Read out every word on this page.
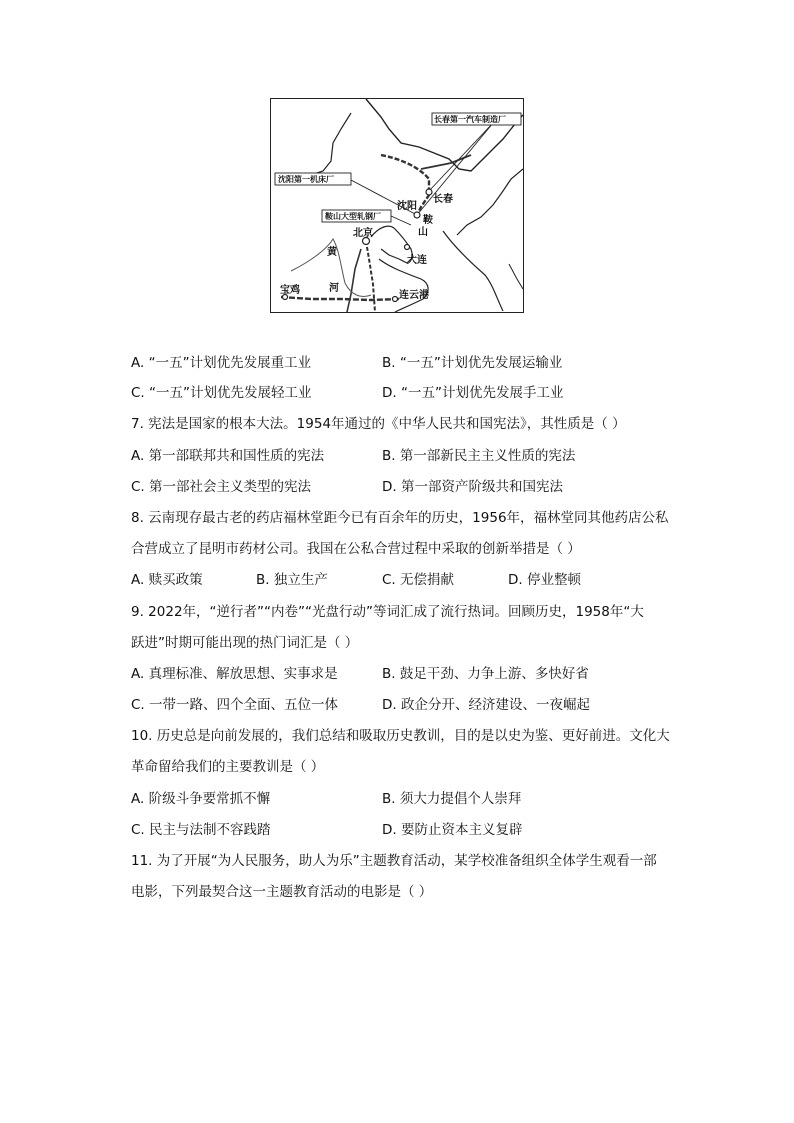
长春第一汽车制造厂
沈阳第一机床厂
鞍山大型轧钢厂
长春
沈阳
北京
鞍
山
大连
黄
河
宝鸡	连云港
A. “一五”计划优先发展重工业	B. “一五”计划优先发展运输业
C. “一五”计划优先发展轻工业	D. “一五”计划优先发展手工业
7. 宪法是国家的根本大法。1954年通过的《中华人民共和国宪法》，其性质是（ ）
A. 第一部联邦共和国性质的宪法	B. 第一部新民主主义性质的宪法
C. 第一部社会主义类型的宪法	D. 第一部资产阶级共和国宪法
8. 云南现存最古老的药店福林堂距今已有百余年的历史，1956年，福林堂同其他药店公私
合营成立了昆明市药材公司。我国在公私合营过程中采取的创新举措是（ ）
A. 赎买政策	B. 独立生产	C. 无偿捐献	D. 停业整顿
9. 2022年，“逆行者”“内卷”“光盘行动”等词汇成了流行热词。回顾历史，1958年“大
跃进”时期可能出现的热门词汇是（ ）
A. 真理标准、解放思想、实事求是	B. 鼓足干劲、力争上游、多快好省
C. 一带一路、四个全面、五位一体	D. 政企分开、经济建设、一夜崛起
10. 历史总是向前发展的，我们总结和吸取历史教训，目的是以史为鉴、更好前进。文化大
革命留给我们的主要教训是（ ）
A. 阶级斗争要常抓不懈	B. 须大力提倡个人崇拜
C. 民主与法制不容践踏	D. 要防止资本主义复辟
11. 为了开展“为人民服务，助人为乐”主题教育活动，某学校准备组织全体学生观看一部
电影，下列最契合这一主题教育活动的电影是（ ）
